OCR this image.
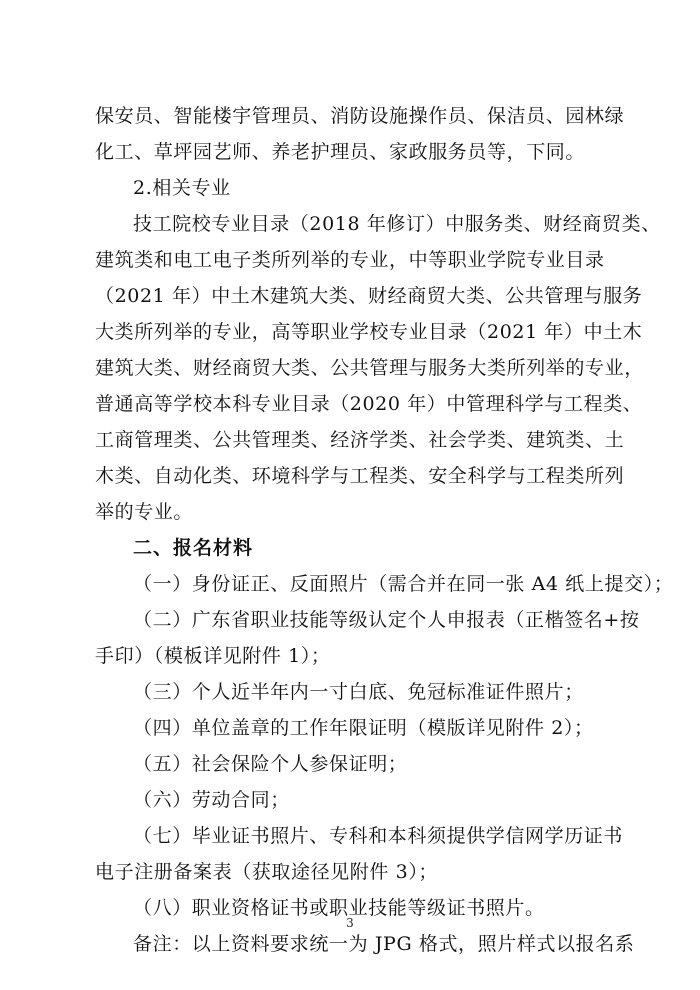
保安员、智能楼宇管理员、消防设施操作员、保洁员、园林绿
化工、草坪园艺师、养老护理员、家政服务员等，下同。
2.相关专业
技工院校专业目录（2018 年修订）中服务类、财经商贸类、
建筑类和电工电子类所列举的专业，中等职业学院专业目录
（2021 年）中土木建筑大类、财经商贸大类、公共管理与服务
大类所列举的专业，高等职业学校专业目录（2021 年）中土木
建筑大类、财经商贸大类、公共管理与服务大类所列举的专业，
普通高等学校本科专业目录（2020 年）中管理科学与工程类、
工商管理类、公共管理类、经济学类、社会学类、建筑类、土
木类、自动化类、环境科学与工程类、安全科学与工程类所列
举的专业。
二、报名材料
（一）身份证正、反面照片（需合并在同一张 A4 纸上提交）；
（二）广东省职业技能等级认定个人申报表（正楷签名+按
手印）（模板详见附件 1）；
（三）个人近半年内一寸白底、免冠标准证件照片；
（四）单位盖章的工作年限证明（模版详见附件 2）；
（五）社会保险个人参保证明；
（六）劳动合同；
（七）毕业证书照片、专科和本科须提供学信网学历证书
电子注册备案表（获取途径见附件 3）；
（八）职业资格证书或职业技能等级证书照片。
备注：以上资料要求统一为 JPG 格式，照片样式以报名系
3
